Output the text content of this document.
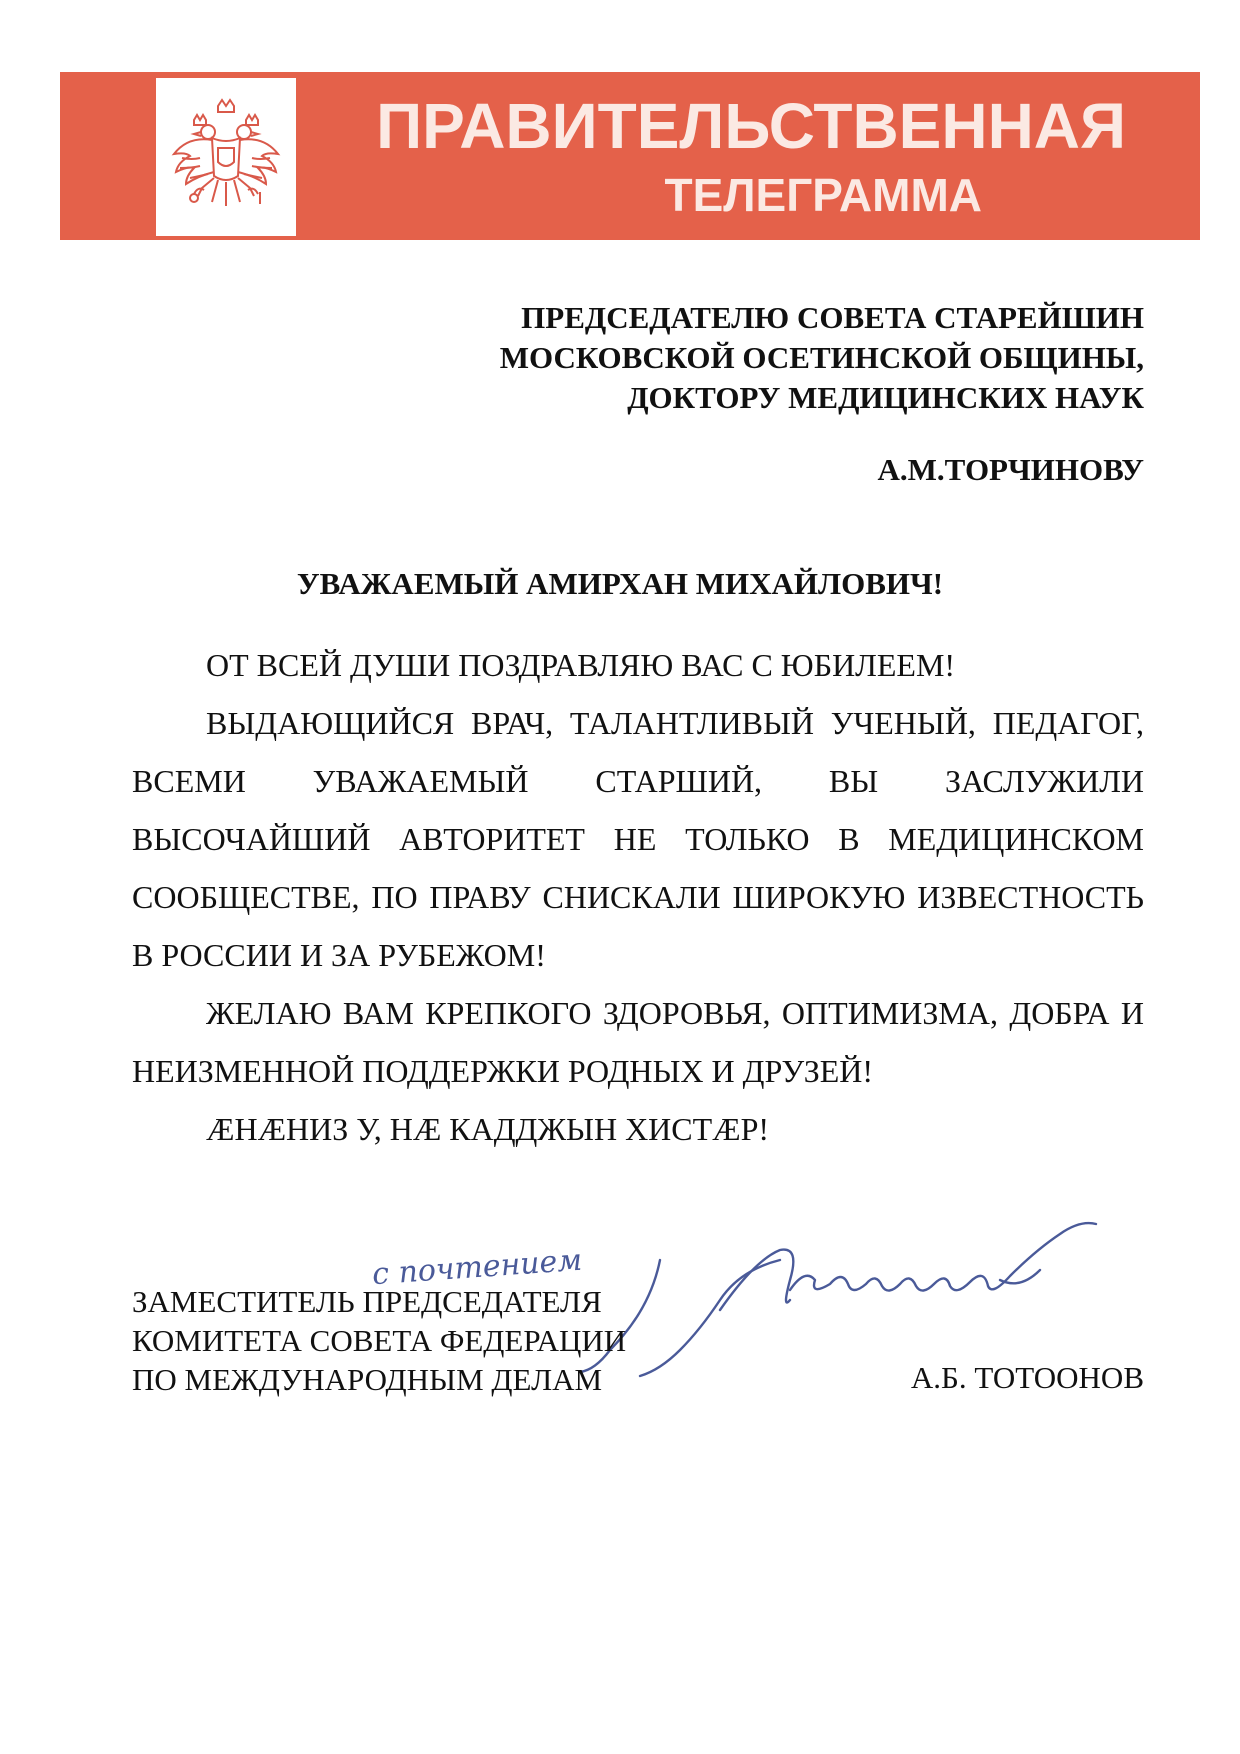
ПРАВИТЕЛЬСТВЕННАЯ
ТЕЛЕГРАММА
ПРЕДСЕДАТЕЛЮ СОВЕТА СТАРЕЙШИН
МОСКОВСКОЙ ОСЕТИНСКОЙ ОБЩИНЫ,
ДОКТОРУ МЕДИЦИНСКИХ НАУК
А.М.ТОРЧИНОВУ
УВАЖАЕМЫЙ АМИРХАН МИХАЙЛОВИЧ!

ОТ ВСЕЙ ДУШИ ПОЗДРАВЛЯЮ ВАС С ЮБИЛЕЕМ!

ВЫДАЮЩИЙСЯ ВРАЧ, ТАЛАНТЛИВЫЙ УЧЕНЫЙ, ПЕДАГОГ, ВСЕМИ УВАЖАЕМЫЙ СТАРШИЙ, ВЫ ЗАСЛУЖИЛИ ВЫСОЧАЙШИЙ АВТОРИТЕТ НЕ ТОЛЬКО В МЕДИЦИНСКОМ СООБЩЕСТВЕ, ПО ПРАВУ СНИСКАЛИ ШИРОКУЮ ИЗВЕСТНОСТЬ В РОССИИ И ЗА РУБЕЖОМ!

ЖЕЛАЮ ВАМ КРЕПКОГО ЗДОРОВЬЯ, ОПТИМИЗМА, ДОБРА И НЕИЗМЕННОЙ ПОДДЕРЖКИ РОДНЫХ И ДРУЗЕЙ!

ÆНÆНИЗ У, НÆ КАДДЖЫН ХИСТÆР!

с почтением
ЗАМЕСТИТЕЛЬ ПРЕДСЕДАТЕЛЯ
КОМИТЕТА СОВЕТА ФЕДЕРАЦИИ
ПО МЕЖДУНАРОДНЫМ ДЕЛАМ	А.Б. ТОТООНОВ
